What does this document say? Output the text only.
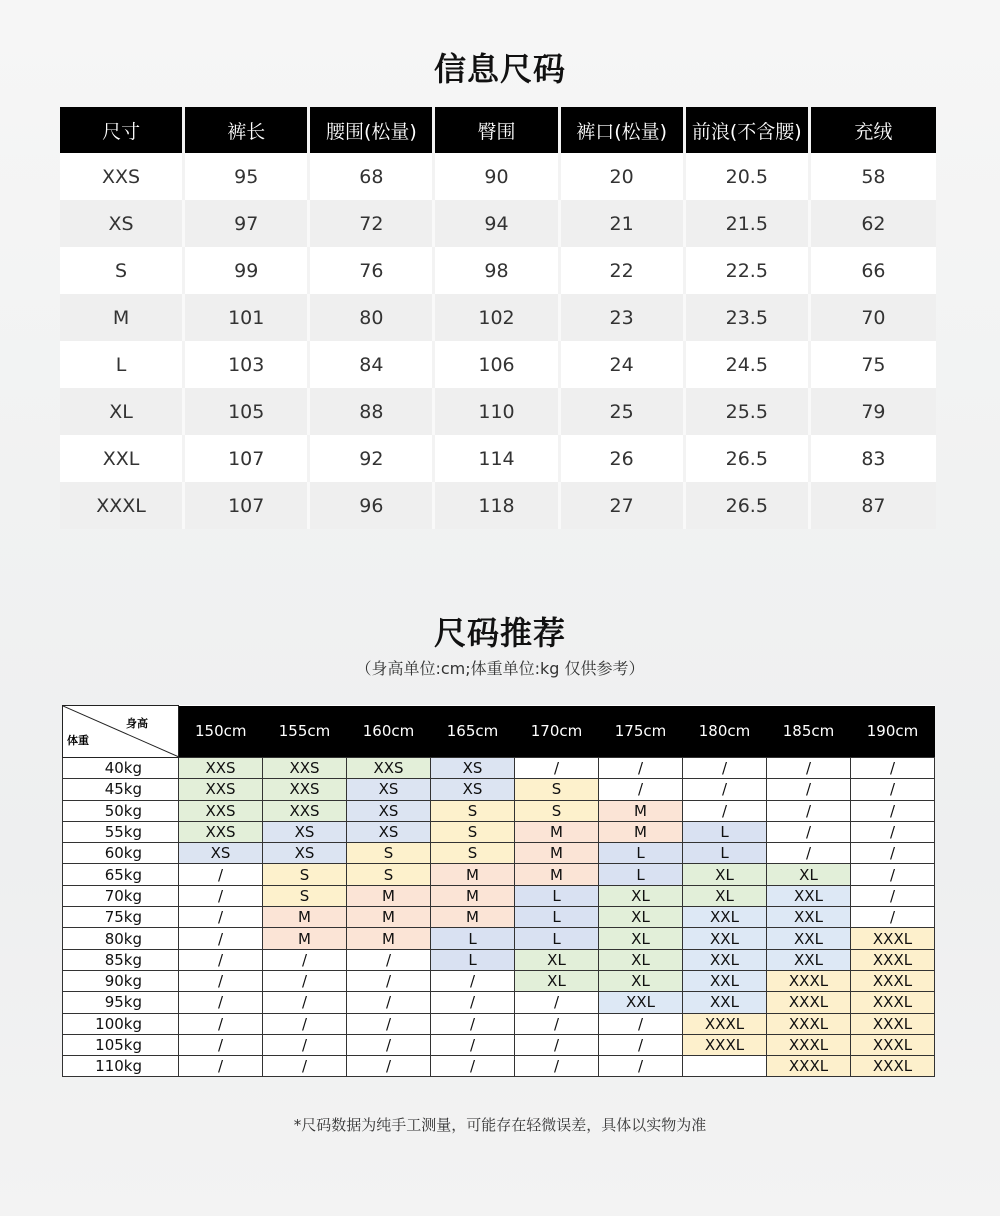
信息尺码
尺寸	裤长	腰围(松量)	臀围	裤口(松量)	前浪(不含腰)	充绒
XXS	95	68	90	20	20.5	58
XS	97	72	94	21	21.5	62
S	99	76	98	22	22.5	66
M	101	80	102	23	23.5	70
L	103	84	106	24	24.5	75
XL	105	88	110	25	25.5	79
XXL	107	92	114	26	26.5	83
XXXL	107	96	118	27	26.5	87
尺码推荐
（身高单位:cm;体重单位:kg 仅供参考）
身高
体重	150cm	155cm	160cm	165cm	170cm	175cm	180cm	185cm	190cm
40kg	XXS	XXS	XXS	XS	/	/	/	/	/
45kg	XXS	XXS	XS	XS	S	/	/	/	/
50kg	XXS	XXS	XS	S	S	M	/	/	/
55kg	XXS	XS	XS	S	M	M	L	/	/
60kg	XS	XS	S	S	M	L	L	/	/
65kg	/	S	S	M	M	L	XL	XL	/
70kg	/	S	M	M	L	XL	XL	XXL	/
75kg	/	M	M	M	L	XL	XXL	XXL	/
80kg	/	M	M	L	L	XL	XXL	XXL	XXXL
85kg	/	/	/	L	XL	XL	XXL	XXL	XXXL
90kg	/	/	/	/	XL	XL	XXL	XXXL	XXXL
95kg	/	/	/	/	/	XXL	XXL	XXXL	XXXL
100kg	/	/	/	/	/	/	XXXL	XXXL	XXXL
105kg	/	/	/	/	/	/	XXXL	XXXL	XXXL
110kg	/	/	/	/	/	/		XXXL	XXXL
*尺码数据为纯手工测量，可能存在轻微误差，具体以实物为准
